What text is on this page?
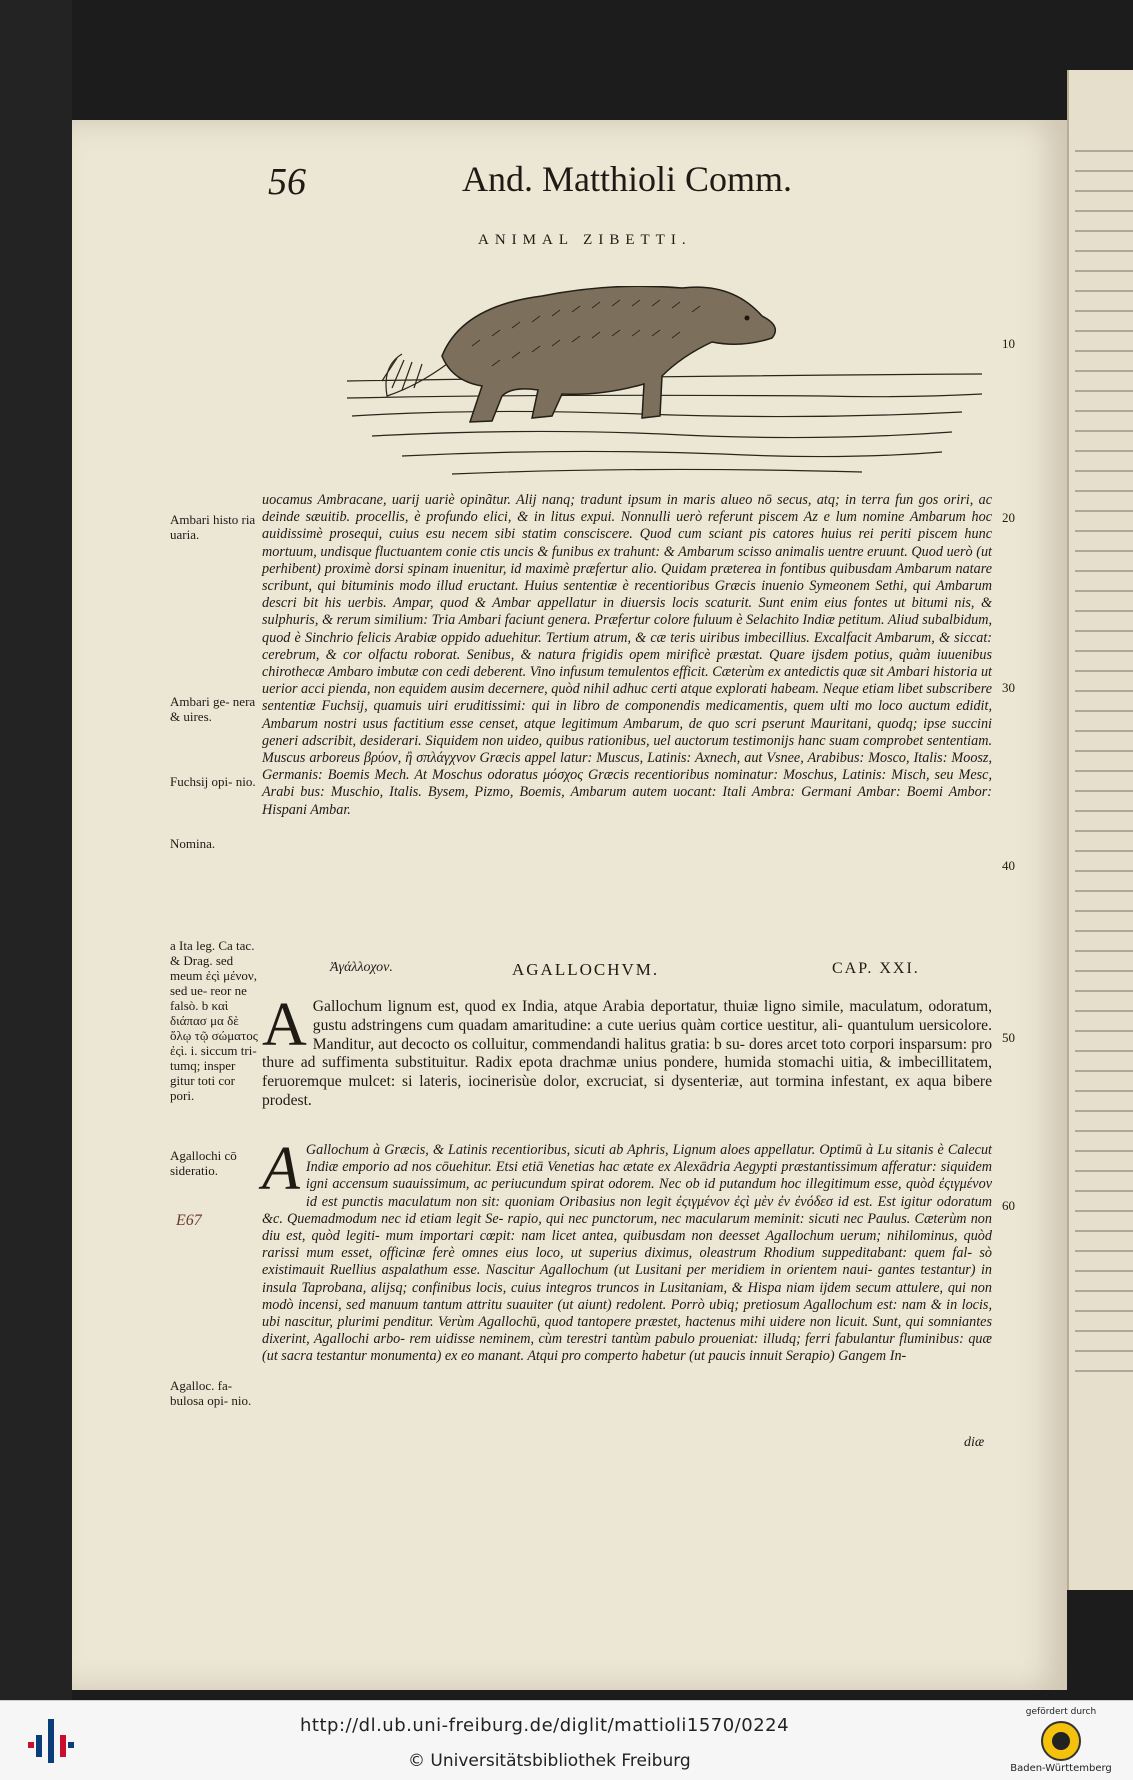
56	And. Matthioli Comm.
ANIMAL ZIBETTI.
10
20
30
40
50
60
Ambari histo ria uaria.
Ambari ge- nera & uires.
Fuchsij opi- nio.
Nomina.
a Ita leg. Ca tac. & Drag. sed meum ἐςὶ μένον, sed ue- reor ne falsò. b καὶ διάπασ μα δὲ ὅλῳ τῷ σώματος ἐςὶ. i. siccum tri- tumq; insper gitur toti cor pori.
Agallochi cō sideratio.
Agalloc. fa- bulosa opi- nio.
E67
uocamus Ambracane, uarij uariè opinãtur. Alij nanq; tradunt ipsum in maris alueo nō secus, atq; in terra fun gos oriri, ac deinde sæuitib. procellis, è profundo elici, & in litus expui. Nonnulli uerò referunt piscem Az e lum nomine Ambarum hoc auidissimè prosequi, cuius esu necem sibi statim consciscere. Quod cum sciant pis catores huius rei periti piscem hunc mortuum, undisque fluctuantem conie ctis uncis & funibus ex trahunt: & Ambarum scisso animalis uentre eruunt. Quod uerò (ut perhibent) proximè dorsi spinam inuenitur, id maximè præfertur alio. Quidam præterea in fontibus quibusdam Ambarum natare scribunt, qui bituminis modo illud eructant. Huius sententiæ è recentioribus Græcis inuenio Symeonem Sethi, qui Ambarum descri bit his uerbis. Ampar, quod & Ambar appellatur in diuersis locis scaturit. Sunt enim eius fontes ut bitumi nis, & sulphuris, & rerum similium: Tria Ambari faciunt genera. Præfertur colore fuluum è Selachito Indiæ petitum. Aliud subalbidum, quod è Sinchrio felicis Arabiæ oppido aduehitur. Tertium atrum, & cæ teris uiribus imbecillius. Excalfacit Ambarum, & siccat: cerebrum, & cor olfactu roborat. Senibus, & natura frigidis opem mirificè præstat. Quare ijsdem potius, quàm iuuenibus chirothecæ Ambaro imbutæ con cedi deberent. Vino infusum temulentos efficit. Cæterùm ex antedictis quæ sit Ambari historia ut uerior acci pienda, non equidem ausim decernere, quòd nihil adhuc certi atque explorati habeam. Neque etiam libet subscribere sententiæ Fuchsij, quamuis uiri eruditissimi: qui in libro de componendis medicamentis, quem ulti mo loco auctum edidit, Ambarum nostri usus factitium esse censet, atque legitimum Ambarum, de quo scri pserunt Mauritani, quodq; ipse succini generi adscribit, desiderari. Siquidem non uideo, quibus rationibus, uel auctorum testimonijs hanc suam comprobet sententiam. Muscus arboreus βρύον, ἢ σπλάγχνον Græcis appel latur: Muscus, Latinis: Axnech, aut Vsnee, Arabibus: Mosco, Italis: Moosz, Germanis: Boemis Mech. At Moschus odoratus μόσχος Græcis recentioribus nominatur: Moschus, Latinis: Misch, seu Mesc, Arabi bus: Muschio, Italis. Bysem, Pizmo, Boemis, Ambarum autem uocant: Itali Ambra: Germani Ambar: Boemi Ambor: Hispani Ambar.
Ἀγάλλοχον.	AGALLOCHVM.	CAP. XXI.
A Gallochum lignum est, quod ex India, atque Arabia deportatur, thuiæ ligno simile, maculatum, odoratum, gustu adstringens cum quadam amaritudine: a cute uerius quàm cortice uestitur, ali- quantulum uersicolore. Manditur, aut decocto os colluitur, commendandi halitus gratia: b su- dores arcet toto corpori insparsum: pro thure ad suffimenta substituitur. Radix epota drachmæ unius pondere, humida stomachi uitia, & imbecillitatem, feruoremque mulcet: si lateris, iocinerisùe dolor, excruciat, si dysenteriæ, aut tormina infestant, ex aqua bibere prodest.
A Gallochum à Græcis, & Latinis recentioribus, sicuti ab Aphris, Lignum aloes appellatur. Optimū à Lu sitanis è Calecut Indiæ emporio ad nos cōuehitur. Etsi etiā Venetias hac ætate ex Alexādria Aegypti præstantissimum afferatur: siquidem igni accensum suauissimum, ac periucundum spirat odorem. Nec ob id putandum hoc illegitimum esse, quòd ἐςιγμένον id est punctis maculatum non sit: quoniam Oribasius non legit ἐςιγμένον ἐςὶ μὲν ἐν ἐνόδεσ id est. Est igitur odoratum &c. Quemadmodum nec id etiam legit Se- rapio, qui nec punctorum, nec macularum meminit: sicuti nec Paulus. Cæterùm non diu est, quòd legiti- mum importari cœpit: nam licet antea, quibusdam non deesset Agallochum uerum; nihilominus, quòd rarissi mum esset, officinæ ferè omnes eius loco, ut superius diximus, oleastrum Rhodium suppeditabant: quem fal- sò existimauit Ruellius aspalathum esse. Nascitur Agallochum (ut Lusitani per meridiem in orientem naui- gantes testantur) in insula Taprobana, alijsq; confinibus locis, cuius integros truncos in Lusitaniam, & Hispa niam ijdem secum attulere, qui non modò incensi, sed manuum tantum attritu suauiter (ut aiunt) redolent. Porrò ubiq; pretiosum Agallochum est: nam & in locis, ubi nascitur, plurimi penditur. Verùm Agallochū, quod tantopere præstet, hactenus mihi uidere non licuit. Sunt, qui somniantes dixerint, Agallochi arbo- rem uidisse neminem, cùm terestri tantùm pabulo proueniat: illudq; ferri fabulantur fluminibus: quæ (ut sacra testantur monumenta) ex eo manant. Atqui pro comperto habetur (ut paucis innuit Serapio) Gangem In-
diæ
http://dl.ub.uni-freiburg.de/diglit/mattioli1570/0224
© Universitätsbibliothek Freiburg
gefördert durch
Baden-Württemberg
